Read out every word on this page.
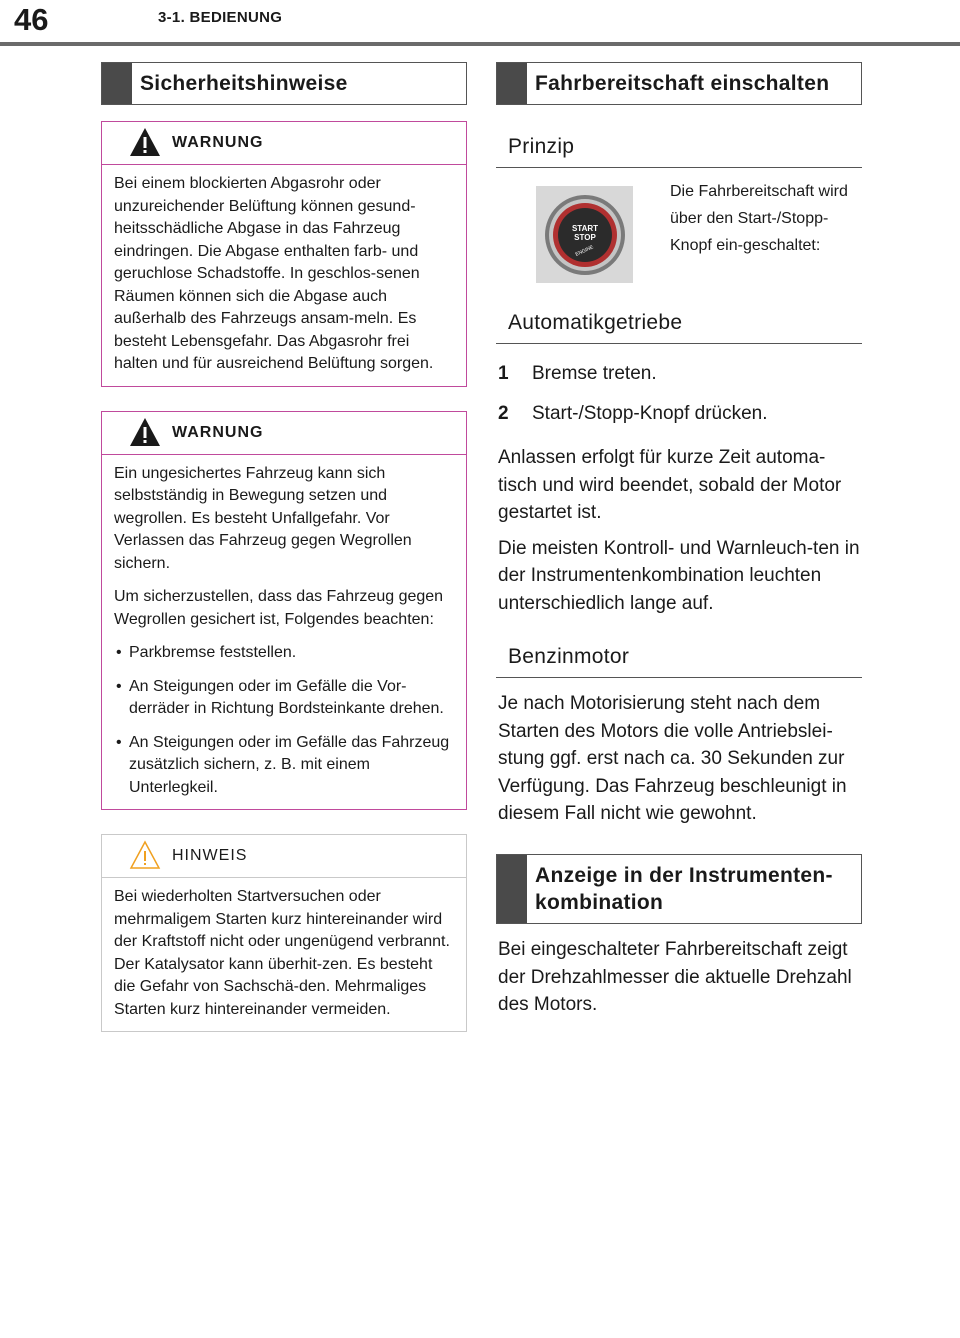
46	3-1. BEDIENUNG
Sicherheitshinweise
WARNUNG

Bei einem blockierten Abgasrohr oder unzureichender Belüftung können gesund-heitsschädliche Abgase in das Fahrzeug eindringen. Die Abgase enthalten farb- und geruchlose Schadstoffe. In geschlos-senen Räumen können sich die Abgase auch außerhalb des Fahrzeugs ansam-meln. Es besteht Lebensgefahr. Das Abgasrohr frei halten und für ausreichend Belüftung sorgen.

WARNUNG

Ein ungesichertes Fahrzeug kann sich selbstständig in Bewegung setzen und wegrollen. Es besteht Unfallgefahr. Vor Verlassen das Fahrzeug gegen Wegrollen sichern.

Um sicherzustellen, dass das Fahrzeug gegen Wegrollen gesichert ist, Folgendes beachten:

• Parkbremse feststellen.
• An Steigungen oder im Gefälle die Vor-derräder in Richtung Bordsteinkante drehen.
• An Steigungen oder im Gefälle das Fahrzeug zusätzlich sichern, z. B. mit einem Unterlegkeil.
HINWEIS

Bei wiederholten Startversuchen oder mehrmaligem Starten kurz hintereinander wird der Kraftstoff nicht oder ungenügend verbrannt. Der Katalysator kann überhit-zen. Es besteht die Gefahr von Sachschä-den. Mehrmaliges Starten kurz hintereinander vermeiden.

Fahrbereitschaft einschalten
Prinzip
START
STOP
ENGINE
Die Fahrbereitschaft wird über den Start-/Stopp-Knopf ein-geschaltet:
Automatikgetriebe
1	Bremse treten.
2	Start-/Stopp-Knopf drücken.

Anlassen erfolgt für kurze Zeit automa-tisch und wird beendet, sobald der Motor gestartet ist.

Die meisten Kontroll- und Warnleuch-ten in der Instrumentenkombination leuchten unterschiedlich lange auf.

Benzinmotor

Je nach Motorisierung steht nach dem Starten des Motors die volle Antriebslei-stung ggf. erst nach ca. 30 Sekunden zur Verfügung. Das Fahrzeug beschleunigt in diesem Fall nicht wie gewohnt.

Anzeige in der Instrumenten-kombination

Bei eingeschalteter Fahrbereitschaft zeigt der Drehzahlmesser die aktuelle Drehzahl des Motors.
